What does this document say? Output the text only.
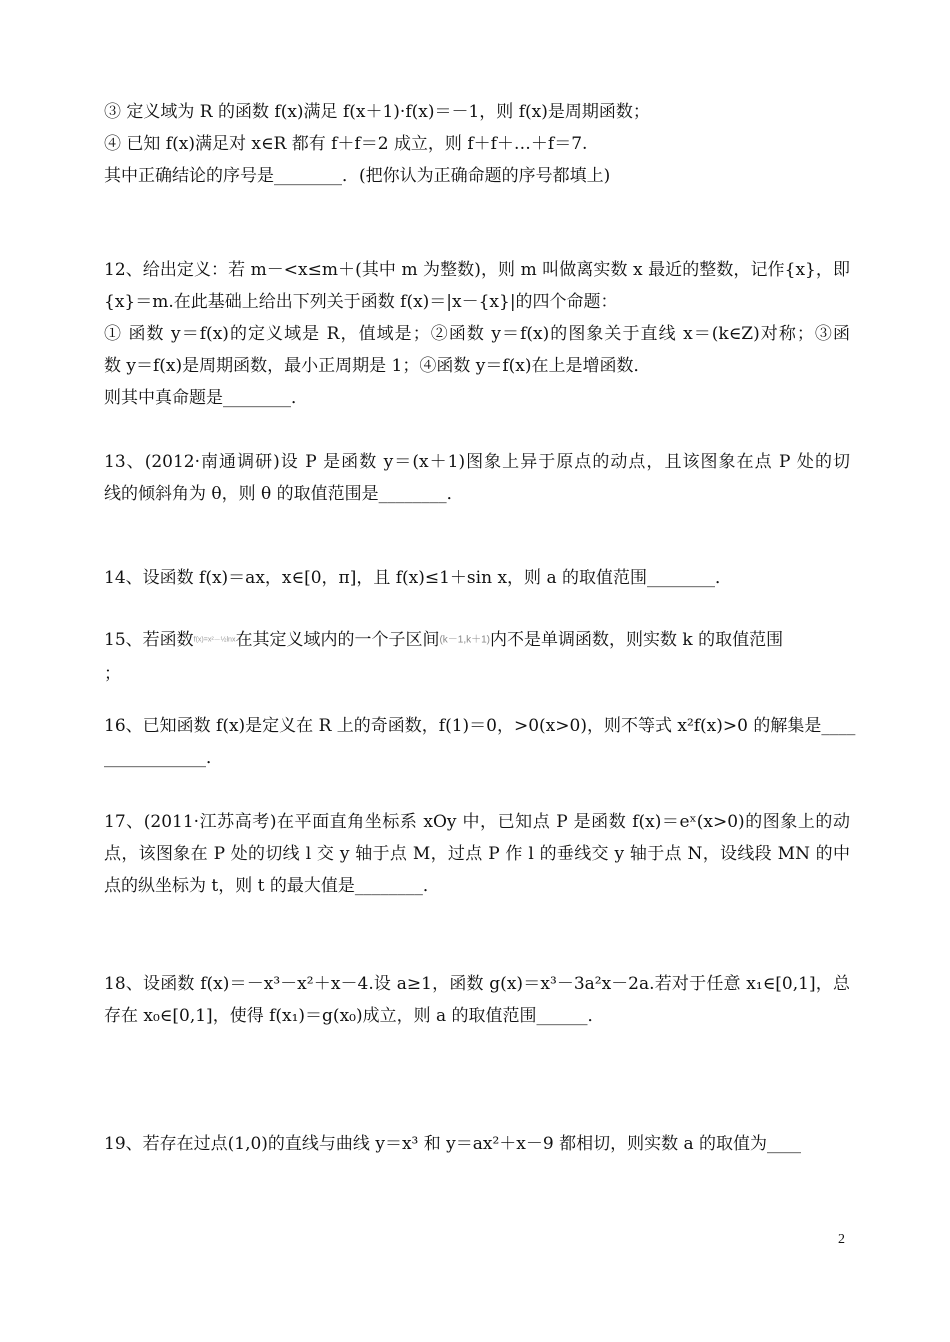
③ 定义域为 R 的函数 f(x)满足 f(x＋1)·f(x)＝－1，则 f(x)是周期函数；
④ 已知 f(x)满足对 x∈R 都有 f＋f＝2 成立，则 f＋f＋…＋f＝7.
其中正确结论的序号是________．(把你认为正确命题的序号都填上)
12、给出定义：若 m－<x≤m＋(其中 m 为整数)，则 m 叫做离实数 x 最近的整数，记作{x}，即
{x}＝m.在此基础上给出下列关于函数 f(x)＝|x－{x}|的四个命题：
① 函数 y＝f(x)的定义域是 R，值域是；②函数 y＝f(x)的图象关于直线 x＝(k∈Z)对称；③函
数 y＝f(x)是周期函数，最小正周期是 1；④函数 y＝f(x)在上是增函数．
则其中真命题是________．
13、(2012·南通调研)设 P 是函数 y＝(x＋1)图象上异于原点的动点，且该图象在点 P 处的切
线的倾斜角为 θ，则 θ 的取值范围是________．
14、设函数 f(x)＝ax，x∈[0，π]，且 f(x)≤1＋sin x，则 a 的取值范围________．
15、若函数f(x)=x²－½lnx在其定义域内的一个子区间(k－1,k＋1)内不是单调函数，则实数 k 的取值范围
；
16、已知函数 f(x)是定义在 R 上的奇函数，f(1)＝0，>0(x>0)，则不等式 x²f(x)>0 的解集是____
____________．
17、(2011·江苏高考)在平面直角坐标系 xOy 中，已知点 P 是函数 f(x)＝eˣ(x>0)的图象上的动
点，该图象在 P 处的切线 l 交 y 轴于点 M，过点 P 作 l 的垂线交 y 轴于点 N，设线段 MN 的中
点的纵坐标为 t，则 t 的最大值是________．
18、设函数 f(x)＝－x³－x²＋x－4.设 a≥1，函数 g(x)＝x³－3a²x－2a.若对于任意 x₁∈[0,1]，总
存在 x₀∈[0,1]，使得 f(x₁)＝g(x₀)成立，则 a 的取值范围______．
19、若存在过点(1,0)的直线与曲线 y＝x³ 和 y＝ax²＋x－9 都相切，则实数 a 的取值为____
2
